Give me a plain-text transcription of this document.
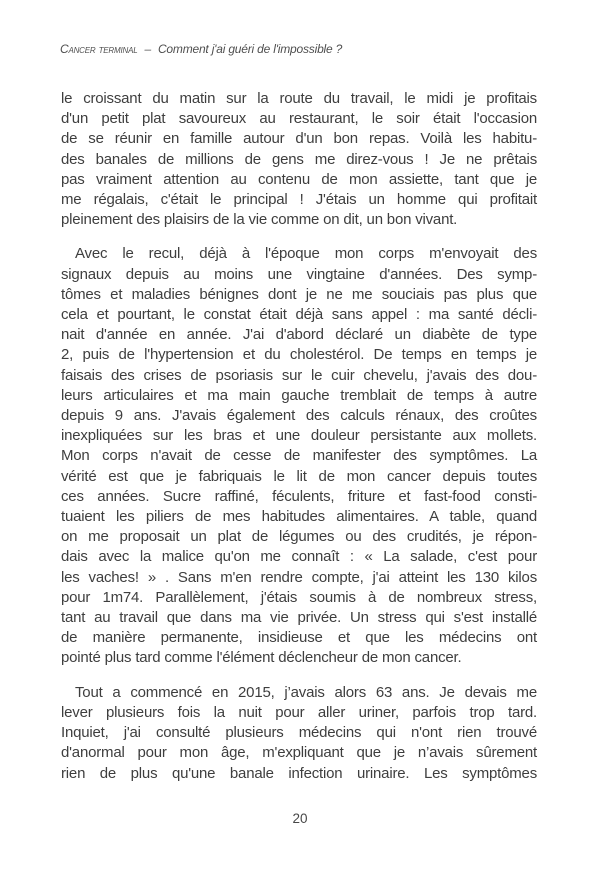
Cancer terminal – Comment j'ai guéri de l'impossible ?

le croissant du matin sur la route du travail, le midi je profitais
d'un petit plat savoureux au restaurant, le soir était l'occasion
de se réunir en famille autour d'un bon repas. Voilà les habitu-
des banales de millions de gens me direz-vous ! Je ne prêtais
pas vraiment attention au contenu de mon assiette, tant que je
me régalais, c'était le principal ! J'étais un homme qui profitait
pleinement des plaisirs de la vie comme on dit, un bon vivant.

Avec le recul, déjà à l'époque mon corps m'envoyait des
signaux depuis au moins une vingtaine d'années. Des symp-
tômes et maladies bénignes dont je ne me souciais pas plus que
cela et pourtant, le constat était déjà sans appel : ma santé décli-
nait d'année en année. J'ai d'abord déclaré un diabète de type
2, puis de l'hypertension et du cholestérol. De temps en temps je
faisais des crises de psoriasis sur le cuir chevelu, j'avais des dou-
leurs articulaires et ma main gauche tremblait de temps à autre
depuis 9 ans. J'avais également des calculs rénaux, des croûtes
inexpliquées sur les bras et une douleur persistante aux mollets.
Mon corps n'avait de cesse de manifester des symptômes. La
vérité est que je fabriquais le lit de mon cancer depuis toutes
ces années. Sucre raffiné, féculents, friture et fast-food consti-
tuaient les piliers de mes habitudes alimentaires. A table, quand
on me proposait un plat de légumes ou des crudités, je répon-
dais avec la malice qu'on me connaît : « La salade, c'est pour
les vaches! » . Sans m'en rendre compte, j'ai atteint les 130 kilos
pour 1m74. Parallèlement, j'étais soumis à de nombreux stress,
tant au travail que dans ma vie privée. Un stress qui s'est installé
de manière permanente, insidieuse et que les médecins ont
pointé plus tard comme l'élément déclencheur de mon cancer.

Tout a commencé en 2015, j’avais alors 63 ans. Je devais me
lever plusieurs fois la nuit pour aller uriner, parfois trop tard.
Inquiet, j'ai consulté plusieurs médecins qui n'ont rien trouvé
d'anormal pour mon âge, m'expliquant que je n’avais sûrement
rien de plus qu'une banale infection urinaire. Les symptômes

20
